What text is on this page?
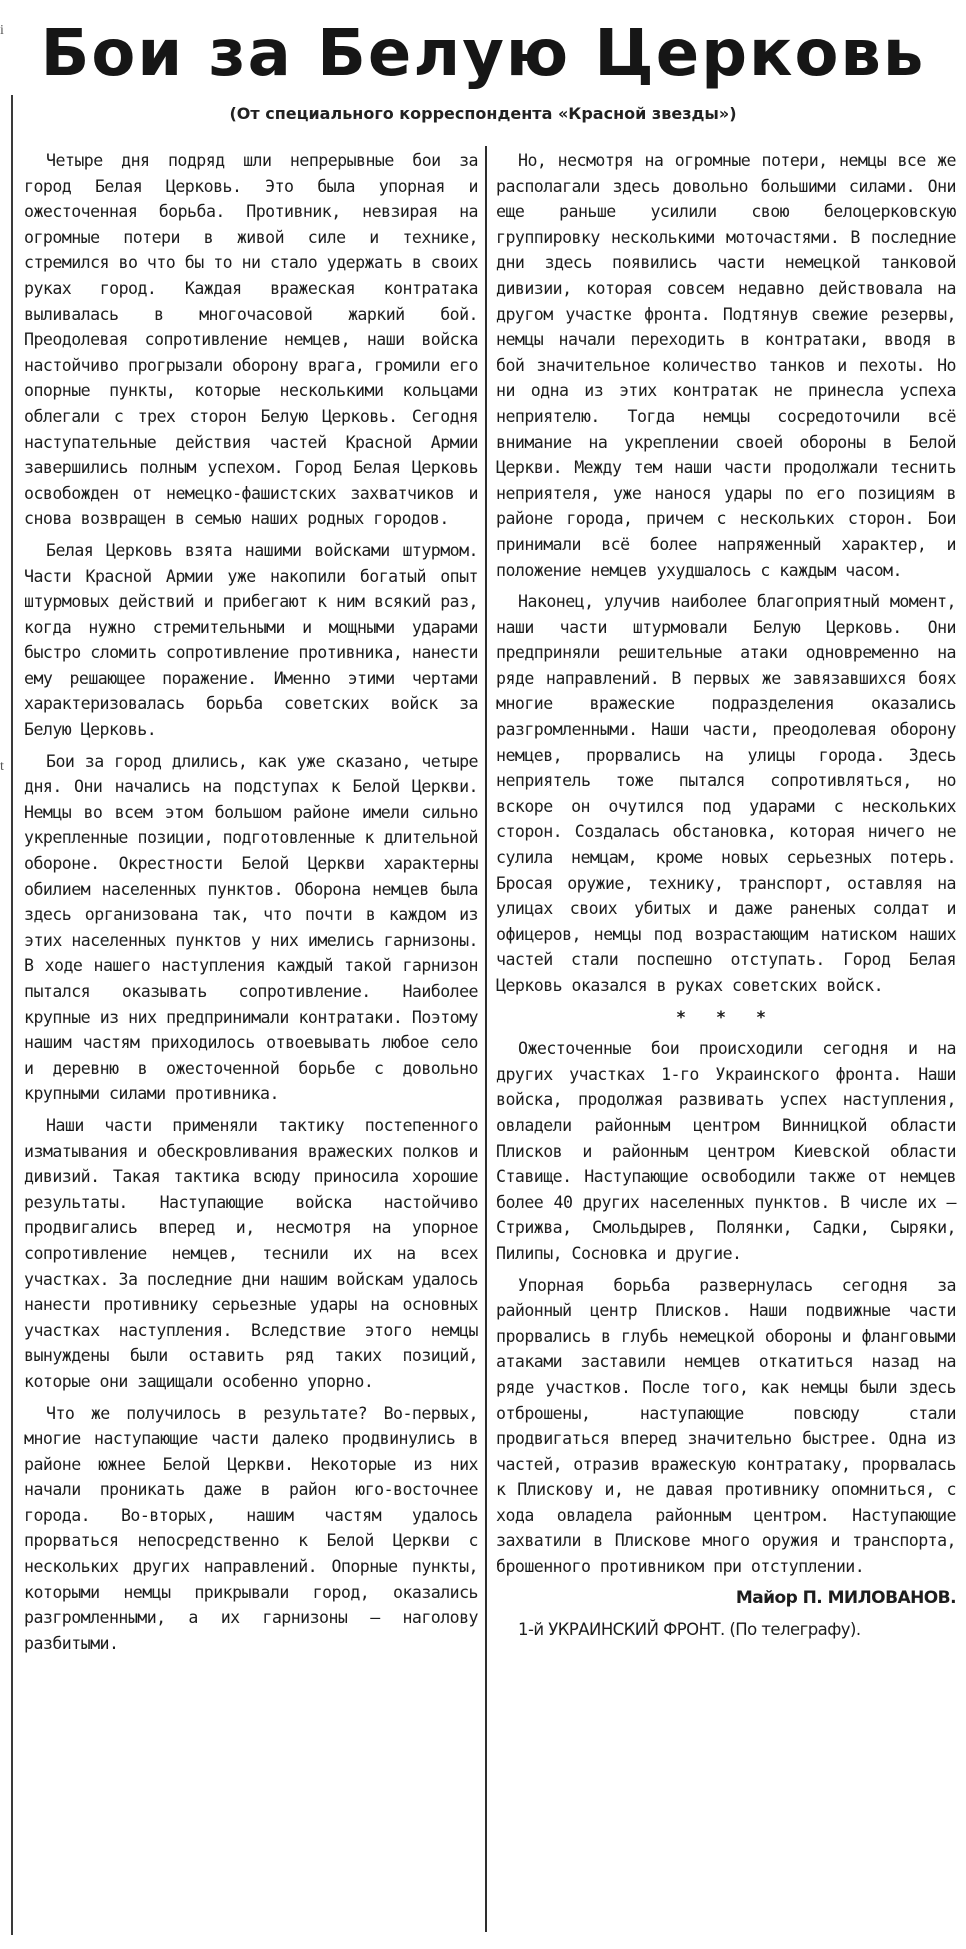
і
t
Бои за Белую Церковь
(От специального корреспондента «Красной звезды»)

Четыре дня подряд шли непрерывные бои за город Белая Церковь. Это была упорная и ожесточенная борьба. Противник, невзирая на огромные потери в живой силе и технике, стремился во что бы то ни стало удержать в своих руках город. Каждая вражеская контратака выливалась в многочасовой жаркий бой. Преодолевая сопротивление немцев, наши войска настойчиво прогрызали оборону врага, громили его опорные пункты, которые несколькими кольцами облегали с трех сторон Белую Церковь. Сегодня наступательные действия частей Красной Армии завершились полным успехом. Город Белая Церковь освобожден от немецко-фашистских захватчиков и снова возвращен в семью наших родных городов.

Белая Церковь взята нашими войсками штурмом. Части Красной Армии уже накопили богатый опыт штурмовых действий и прибегают к ним всякий раз, когда нужно стремительными и мощными ударами быстро сломить сопротивление противника, нанести ему решающее поражение. Именно этими чертами характеризовалась борьба советских войск за Белую Церковь.

Бои за город длились, как уже сказано, четыре дня. Они начались на подступах к Белой Церкви. Немцы во всем этом большом районе имели сильно укрепленные позиции, подготовленные к длительной обороне. Окрестности Белой Церкви характерны обилием населенных пунктов. Оборона немцев была здесь организована так, что почти в каждом из этих населенных пунктов у них имелись гарнизоны. В ходе нашего наступления каждый такой гарнизон пытался оказывать сопротивление. Наиболее крупные из них предпринимали контратаки. Поэтому нашим частям приходилось отвоевывать любое село и деревню в ожесточенной борьбе с довольно крупными силами противника.

Наши части применяли тактику постепенного изматывания и обескровливания вражеских полков и дивизий. Такая тактика всюду приносила хорошие результаты. Наступающие войска настойчиво продвигались вперед и, несмотря на упорное сопротивление немцев, теснили их на всех участках. За последние дни нашим войскам удалось нанести противнику серьезные удары на основных участках наступления. Вследствие этого немцы вынуждены были оставить ряд таких позиций, которые они защищали особенно упорно.

Что же получилось в результате? Во-первых, многие наступающие части далеко продвинулись в районе южнее Белой Церкви. Некоторые из них начали проникать даже в район юго-восточнее города. Во-вторых, нашим частям удалось прорваться непосредственно к Белой Церкви с нескольких других направлений. Опорные пункты, которыми немцы прикрывали город, оказались разгромленными, а их гарнизоны — наголову разбитыми.

Но, несмотря на огромные потери, немцы все же располагали здесь довольно большими силами. Они еще раньше усилили свою белоцерковскую группировку несколькими моточастями. В последние дни здесь появились части немецкой танковой дивизии, которая совсем недавно действовала на другом участке фронта. Подтянув свежие резервы, немцы начали переходить в контратаки, вводя в бой значительное количество танков и пехоты. Но ни одна из этих контратак не принесла успеха неприятелю. Тогда немцы сосредоточили всё внимание на укреплении своей обороны в Белой Церкви. Между тем наши части продолжали теснить неприятеля, уже нанося удары по его позициям в районе города, причем с нескольких сторон. Бои принимали всё более напряженный характер, и положение немцев ухудшалось с каждым часом.

Наконец, улучив наиболее благоприятный момент, наши части штурмовали Белую Церковь. Они предприняли решительные атаки одновременно на ряде направлений. В первых же завязавшихся боях многие вражеские подразделения оказались разгромленными. Наши части, преодолевая оборону немцев, прорвались на улицы города. Здесь неприятель тоже пытался сопротивляться, но вскоре он очутился под ударами с нескольких сторон. Создалась обстановка, которая ничего не сулила немцам, кроме новых серьезных потерь. Бросая оружие, технику, транспорт, оставляя на улицах своих убитых и даже раненых солдат и офицеров, немцы под возрастающим натиском наших частей стали поспешно отступать. Город Белая Церковь оказался в руках советских войск.

* * *

Ожесточенные бои происходили сегодня и на других участках 1-го Украинского фронта. Наши войска, продолжая развивать успех наступления, овладели районным центром Винницкой области Плисков и районным центром Киевской области Ставище. Наступающие освободили также от немцев более 40 других населенных пунктов. В числе их — Стрижва, Смольдырев, Полянки, Садки, Сыряки, Пилипы, Сосновка и другие.

Упорная борьба развернулась сегодня за районный центр Плисков. Наши подвижные части прорвались в глубь немецкой обороны и фланговыми атаками заставили немцев откатиться назад на ряде участков. После того, как немцы были здесь отброшены, наступающие повсюду стали продвигаться вперед значительно быстрее. Одна из частей, отразив вражескую контратаку, прорвалась к Плискову и, не давая противнику опомниться, с хода овладела районным центром. Наступающие захватили в Плискове много оружия и транспорта, брошенного противником при отступлении.

Майор П. МИЛОВАНОВ.

1-й УКРАИНСКИЙ ФРОНТ. (По телеграфу).
